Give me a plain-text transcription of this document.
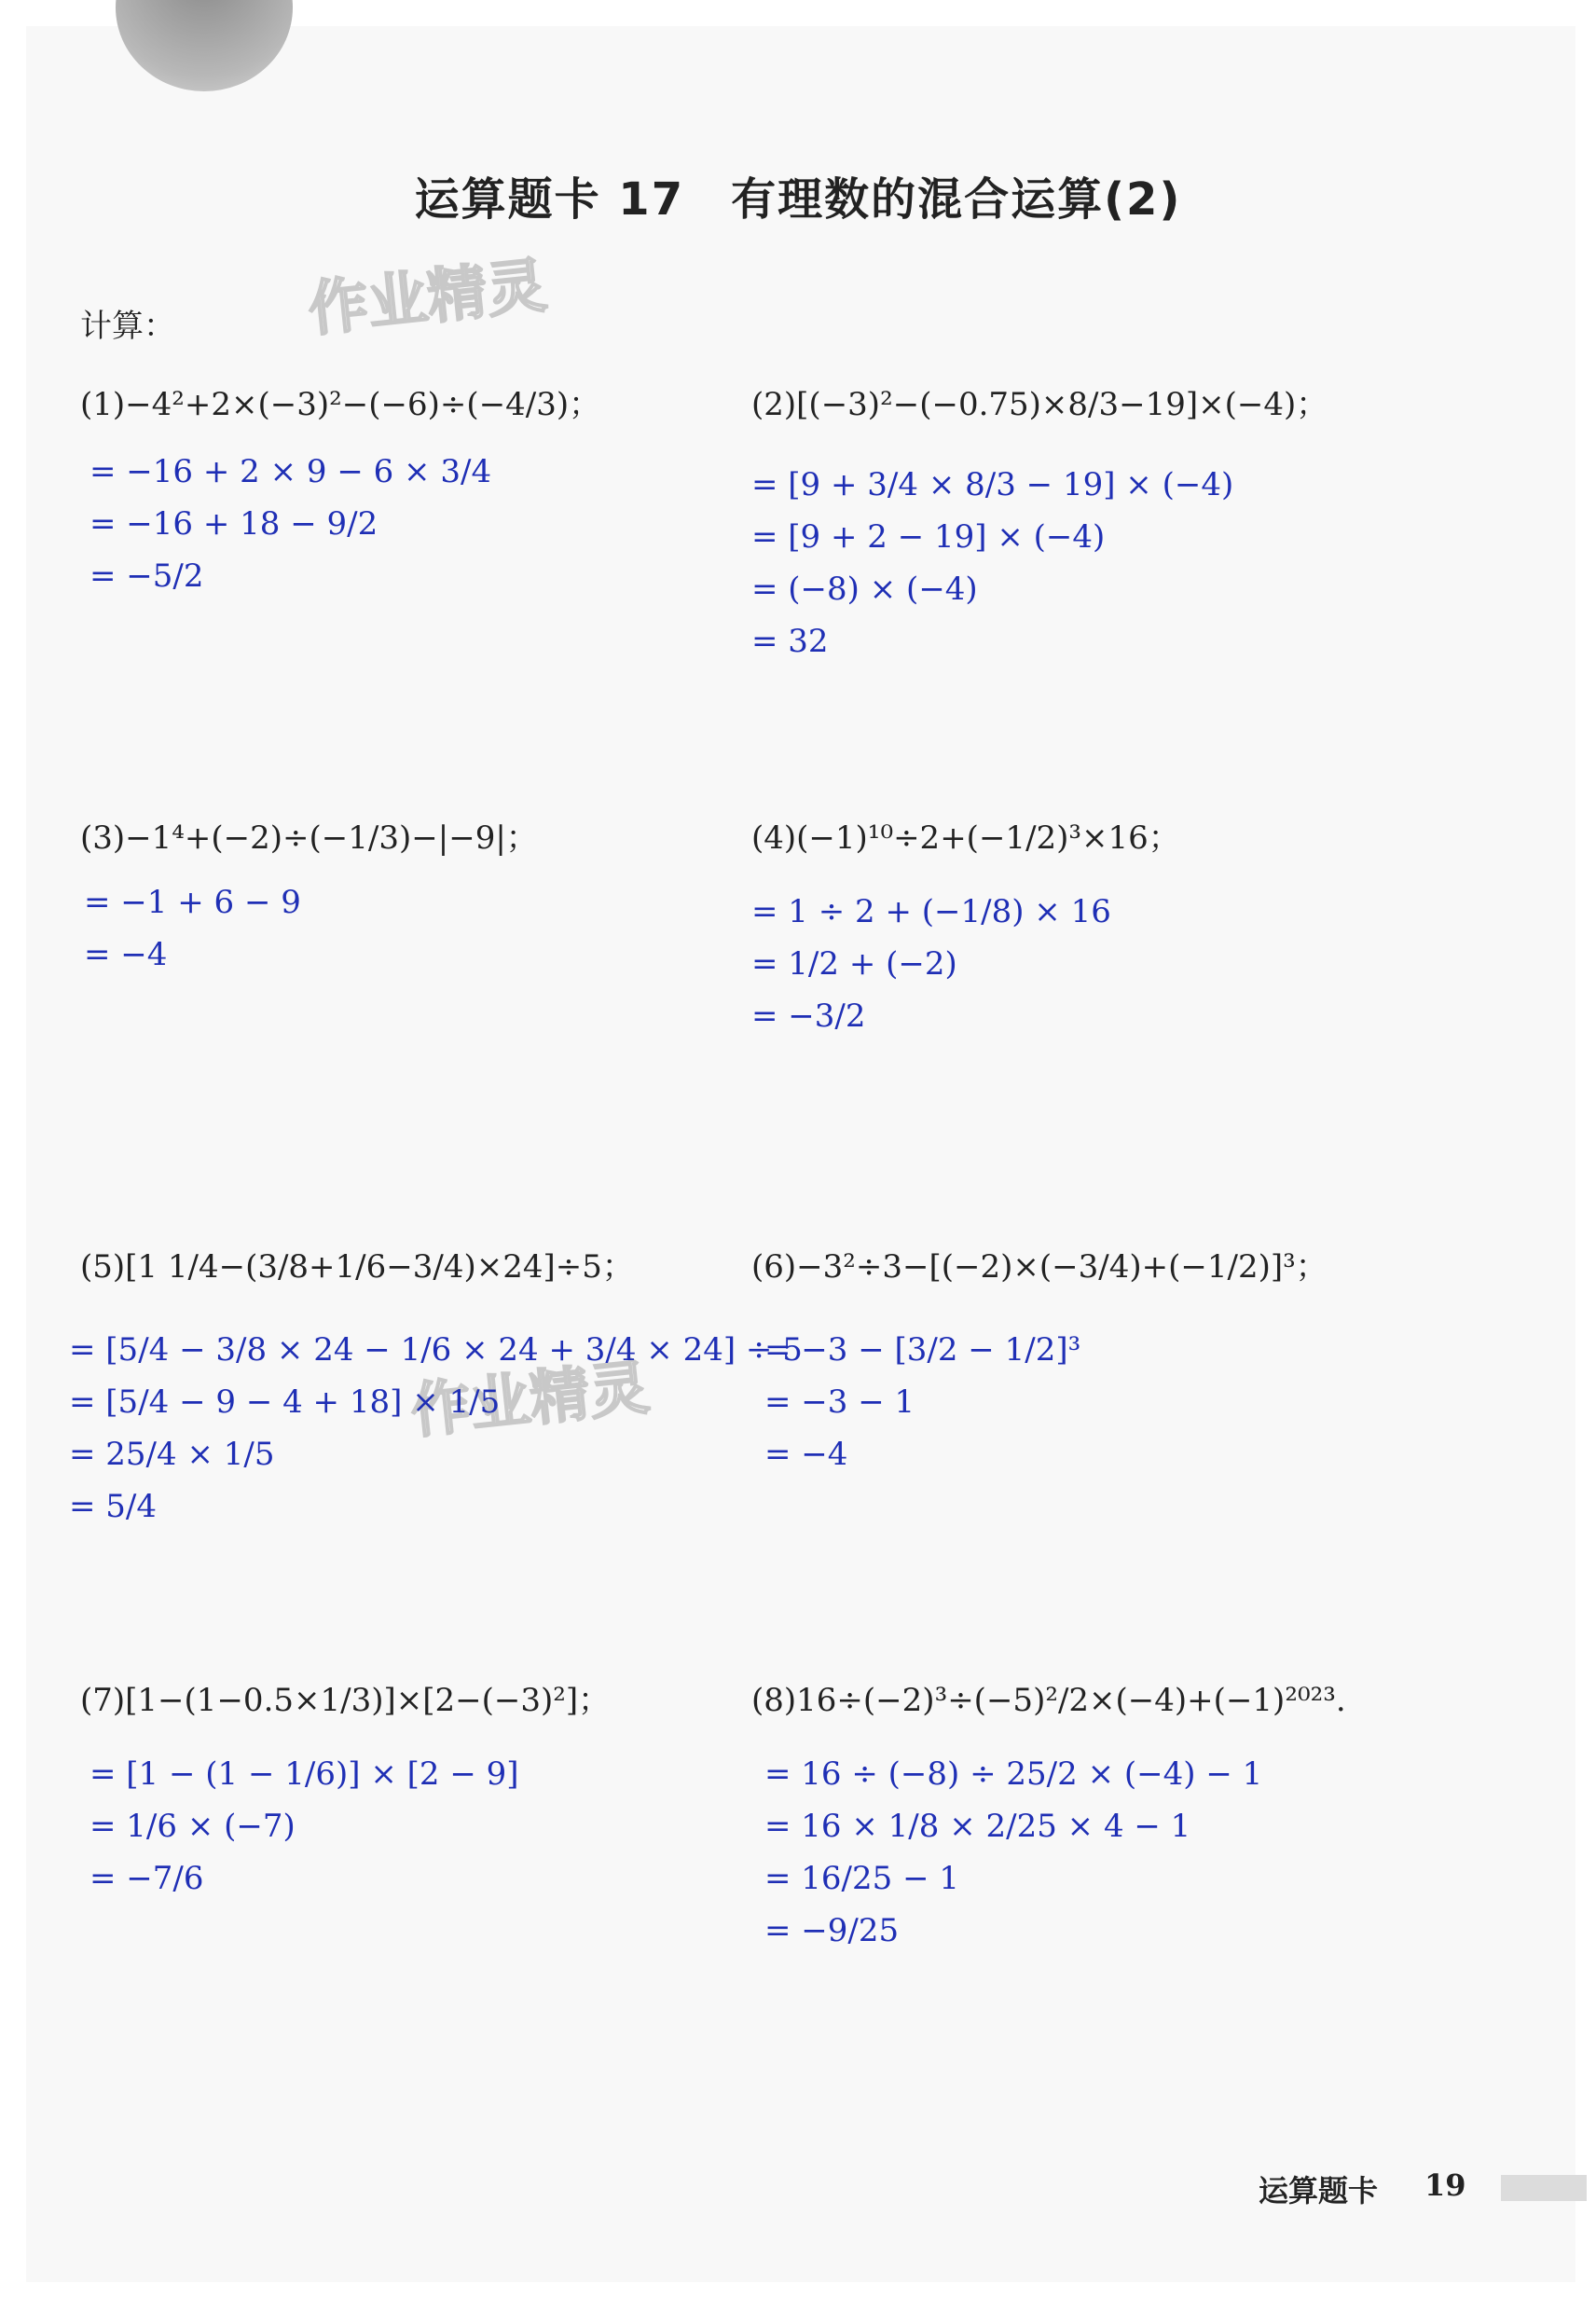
运算题卡 17　有理数的混合运算(2)
作业精灵
作业精灵
计算：
(1)−4²+2×(−3)²−(−6)÷(−4/3)；
= −16 + 2 × 9 − 6 × 3/4
= −16 + 18 − 9/2
= −5/2
(2)[(−3)²−(−0.75)×8/3−19]×(−4)；
= [9 + 3/4 × 8/3 − 19] × (−4)
= [9 + 2 − 19] × (−4)
= (−8) × (−4)
= 32
(3)−1⁴+(−2)÷(−1/3)−|−9|；
= −1 + 6 − 9
= −4
(4)(−1)¹⁰÷2+(−1/2)³×16；
= 1 ÷ 2 + (−1/8) × 16
= 1/2 + (−2)
= −3/2
(5)[1 1/4−(3/8+1/6−3/4)×24]÷5；
= [5/4 − 3/8 × 24 − 1/6 × 24 + 3/4 × 24] ÷ 5
= [5/4 − 9 − 4 + 18] × 1/5
= 25/4 × 1/5
= 5/4
(6)−3²÷3−[(−2)×(−3/4)+(−1/2)]³；
= −3 − [3/2 − 1/2]³
= −3 − 1
= −4
(7)[1−(1−0.5×1/3)]×[2−(−3)²]；
= [1 − (1 − 1/6)] × [2 − 9]
= 1/6 × (−7)
= −7/6
(8)16÷(−2)³÷(−5)²/2×(−4)+(−1)²⁰²³.
= 16 ÷ (−8) ÷ 25/2 × (−4) − 1
= 16 × 1/8 × 2/25 × 4 − 1
= 16/25 − 1
= −9/25
运算题卡 19
